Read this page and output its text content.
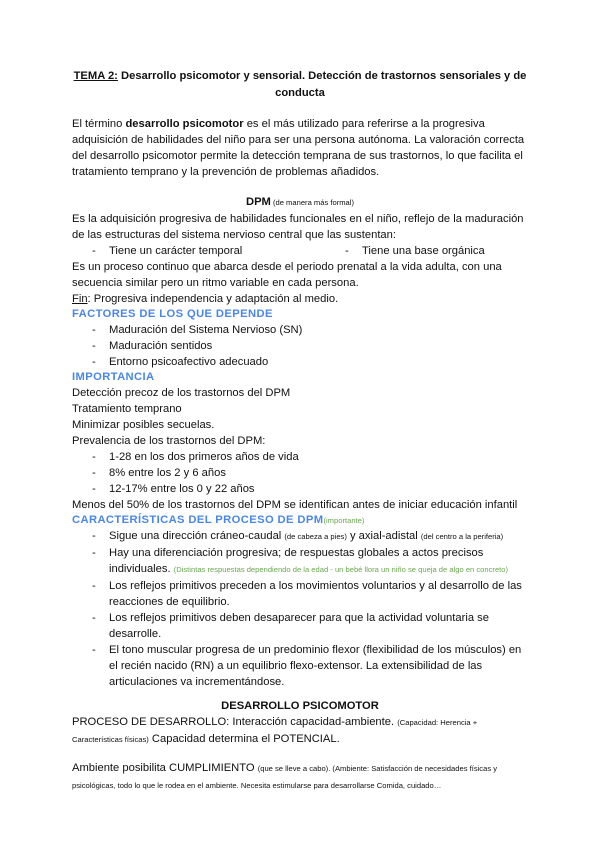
TEMA 2: Desarrollo psicomotor y sensorial. Detección de trastornos sensoriales y de conducta

El término desarrollo psicomotor es el más utilizado para referirse a la progresiva adquisición de habilidades del niño para ser una persona autónoma. La valoración correcta del desarrollo psicomotor permite la detección temprana de sus trastornos, lo que facilita el tratamiento temprano y la prevención de problemas añadidos.

DPM (de manera más formal)

Es la adquisición progresiva de habilidades funcionales en el niño, reflejo de la maduración de las estructuras del sistema nervioso central que las sustentan:

- Tiene un carácter temporal
-	Tiene una base orgánica

Es un proceso continuo que abarca desde el periodo prenatal a la vida adulta, con una secuencia similar pero un ritmo variable en cada persona.

Fin: Progresiva independencia y adaptación al medio.

FACTORES DE LOS QUE DEPENDE
- Maduración del Sistema Nervioso (SN)
- Maduración sentidos
- Entorno psicoafectivo adecuado
IMPORTANCIA

Detección precoz de los trastornos del DPM

Tratamiento temprano

Minimizar posibles secuelas.

Prevalencia de los trastornos del DPM:

- 1-28 en los dos primeros años de vida
- 8% entre los 2 y 6 años
- 12-17% entre los 0 y 22 años

Menos del 50% de los trastornos del DPM se identifican antes de iniciar educación infantil

CARACTERÍSTICAS DEL PROCESO DE DPM(importante)
- Sigue una dirección cráneo-caudal (de cabeza a pies) y axial-adistal (del centro a la periferia)
- Hay una diferenciación progresiva; de respuestas globales a actos precisos individuales. (Distintas respuestas dependiendo de la edad - un bebé llora un niño se queja de algo en concreto)
- Los reflejos primitivos preceden a los movimientos voluntarios y al desarrollo de las reacciones de equilibrio.
- Los reflejos primitivos deben desaparecer para que la actividad voluntaria se desarrolle.
- El tono muscular progresa de un predominio flexor (flexibilidad de los músculos) en el recién nacido (RN) a un equilibrio flexo-extensor. La extensibilidad de las articulaciones va incrementándose.
DESARROLLO PSICOMOTOR

PROCESO DE DESARROLLO: Interacción capacidad-ambiente. (Capacidad: Herencia + Características físicas) Capacidad determina el POTENCIAL.

Ambiente posibilita CUMPLIMIENTO (que se lleve a cabo). (Ambiente: Satisfacción de necesidades físicas y psicológicas, todo lo que le rodea en el ambiente. Necesita estimularse para desarrollarse Comida, cuidado…
